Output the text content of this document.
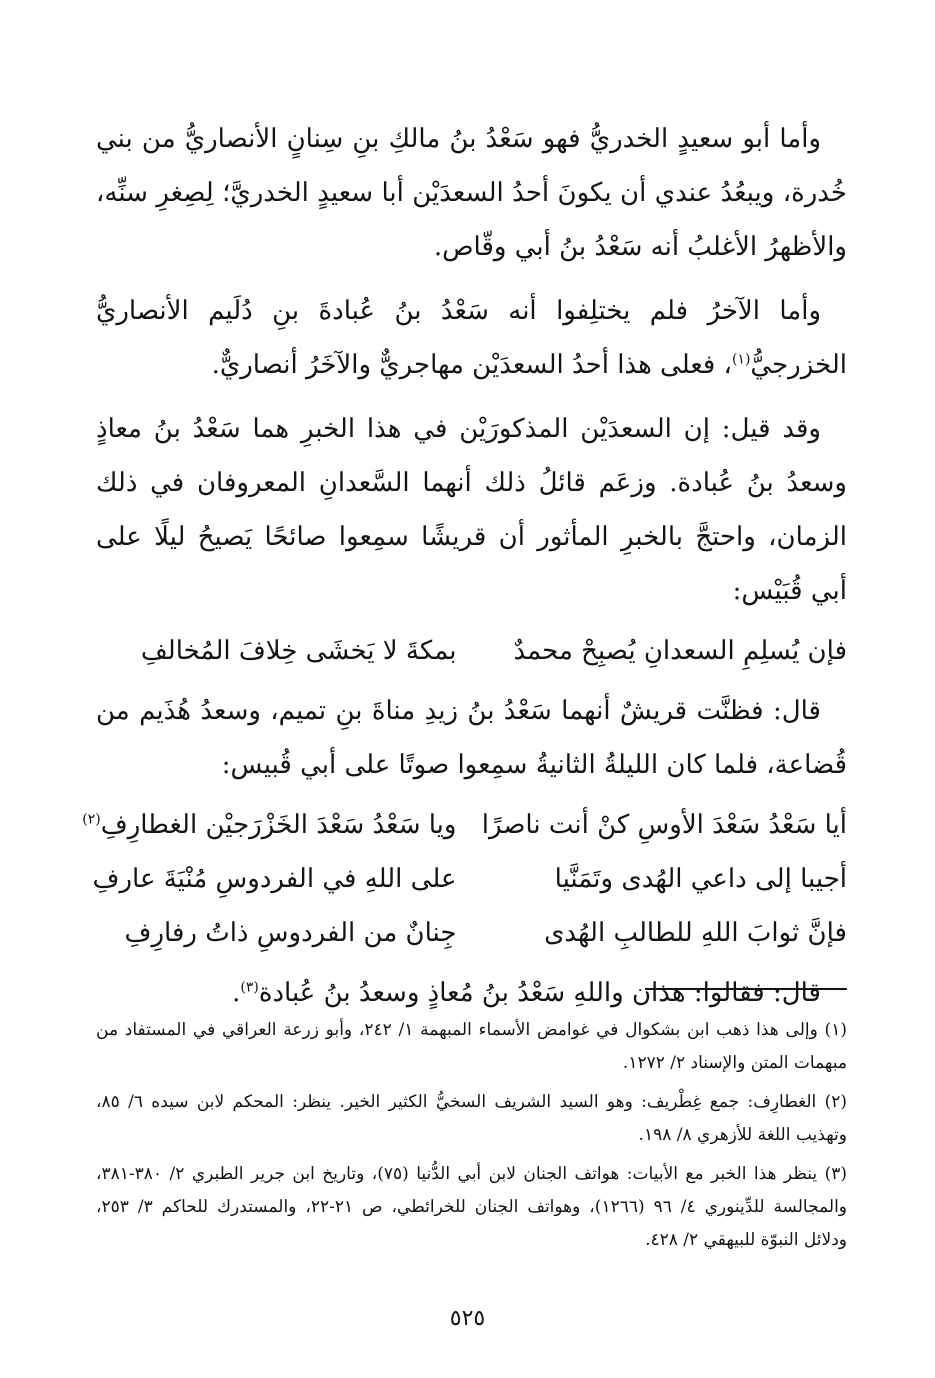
وأما أبو سعيدٍ الخدريُّ فهو سَعْدُ بنُ مالكِ بنِ سِنانٍ الأنصاريُّ من بني خُدرة، ويبعُدُ عندي أن يكونَ أحدُ السعدَيْن أبا سعيدٍ الخدريَّ؛ لِصِغرِ سنِّه، والأظهرُ الأغلبُ أنه سَعْدُ بنُ أبي وقّاص.

وأما الآخرُ فلم يختلِفوا أنه سَعْدُ بنُ عُبادةَ بنِ دُلَيم الأنصاريُّ الخزرجيُّ$^{(١)}$، فعلى هذا أحدُ السعدَيْن مهاجريٌّ والآخَرُ أنصاريٌّ.

وقد قيل: إن السعدَيْن المذكورَيْن في هذا الخبرِ هما سَعْدُ بنُ معاذٍ وسعدُ بنُ عُبادة. وزعَم قائلُ ذلك أنهما السَّعدانِ المعروفان في ذلك الزمان، واحتجَّ بالخبرِ المأثور أن قريشًا سمِعوا صائحًا يَصيحُ ليلًا على أبي قُبَيْس:

فإن يُسلِمِ السعدانِ يُصبِحْ محمدٌ
بمكةَ لا يَخشَى خِلافَ المُخالفِ

قال: فظنَّت قريشٌ أنهما سَعْدُ بنُ زيدِ مناةَ بنِ تميم، وسعدُ هُذَيم من قُضاعة، فلما كان الليلةُ الثانيةُ سمِعوا صوتًا على أبي قُبيس:

أيا سَعْدُ سَعْدَ الأوسِ كنْ أنت ناصرًا
ويا سَعْدُ سَعْدَ الخَزْرَجيْن الغطارِفِ$^{(٢)}$
أجيبا إلى داعي الهُدى وتَمَنَّيا
على اللهِ في الفردوسِ مُنْيَةَ عارفِ
فإنَّ ثوابَ اللهِ للطالبِ الهُدى
جِنانٌ من الفردوسِ ذاتُ رفارِفِ

قال: فقالوا: هذان واللهِ سَعْدُ بنُ مُعاذٍ وسعدُ بنُ عُبادة$^{(٣)}$.

(١) وإلى هذا ذهب ابن بشكوال في غوامض الأسماء المبهمة ١/ ٢٤٢، وأبو زرعة العراقي في المستفاد من مبهمات المتن والإسناد ٢/ ١٢٧٢.

(٢) الغطارِف: جمع غِطْريف: وهو السيد الشريف السخيُّ الكثير الخير. ينظر: المحكم لابن سيده ٦/ ٨٥، وتهذيب اللغة للأزهري ٨/ ١٩٨.

(٣) ينظر هذا الخبر مع الأبيات: هواتف الجنان لابن أبي الدُّنيا (٧٥)، وتاريخ ابن جرير الطبري ٢/ ٣٨٠-٣٨١، والمجالسة للدِّينوري ٤/ ٩٦ (١٢٦٦)، وهواتف الجنان للخرائطي، ص ٢١-٢٢، والمستدرك للحاكم ٣/ ٢٥٣، ودلائل النبوّة للبيهقي ٢/ ٤٢٨.

٥٢٥
